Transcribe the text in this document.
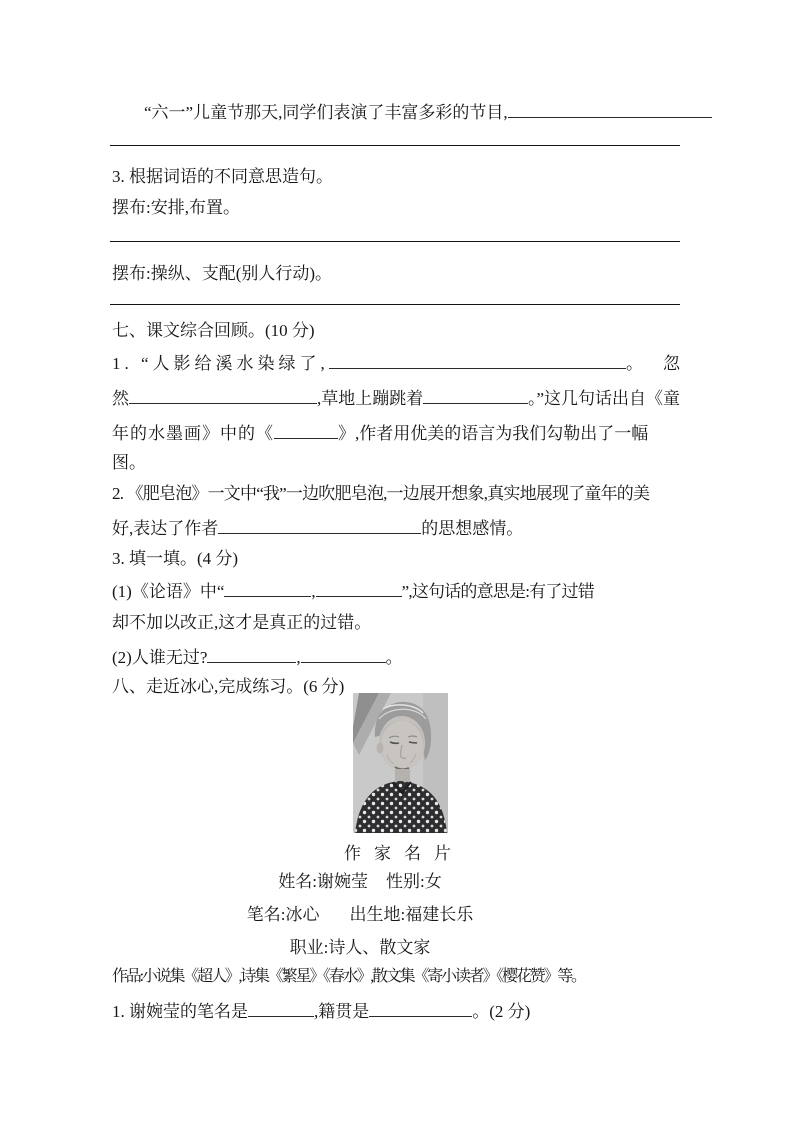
“六一”儿童节那天,同学们表演了丰富多彩的节目,
3. 根据词语的不同意思造句。
摆布:安排,布置。
摆布:操纵、支配(别人行动)。
七、课文综合回顾。(10 分)
1. “人影给溪水染绿了,	。 忽
然	,草地上蹦跳着	。”这几句话出自《童
年的水墨画》中的《	》,作者用优美的语言为我们勾勒出了一幅
图。
2. 《肥皂泡》一文中“我”一边吹肥皂泡,一边展开想象,真实地展现了童年的美
好,表达了作者	的思想感情。
3. 填一填。(4 分)
(1)《论语》中“	,	”,这句话的意思是:有了过错
却不加以改正,这才是真正的过错。
(2)人谁无过?	,	。
八、走近冰心,完成练习。(6 分)
作家名片
姓名:谢婉莹 性别:女
笔名:冰心 出生地:福建长乐
职业:诗人、散文家
作品:小说集《超人》,诗集《繁星》《春水》,散文集《寄小读者》《樱花赞》等。
1. 谢婉莹的笔名是	,籍贯是	。(2 分)
